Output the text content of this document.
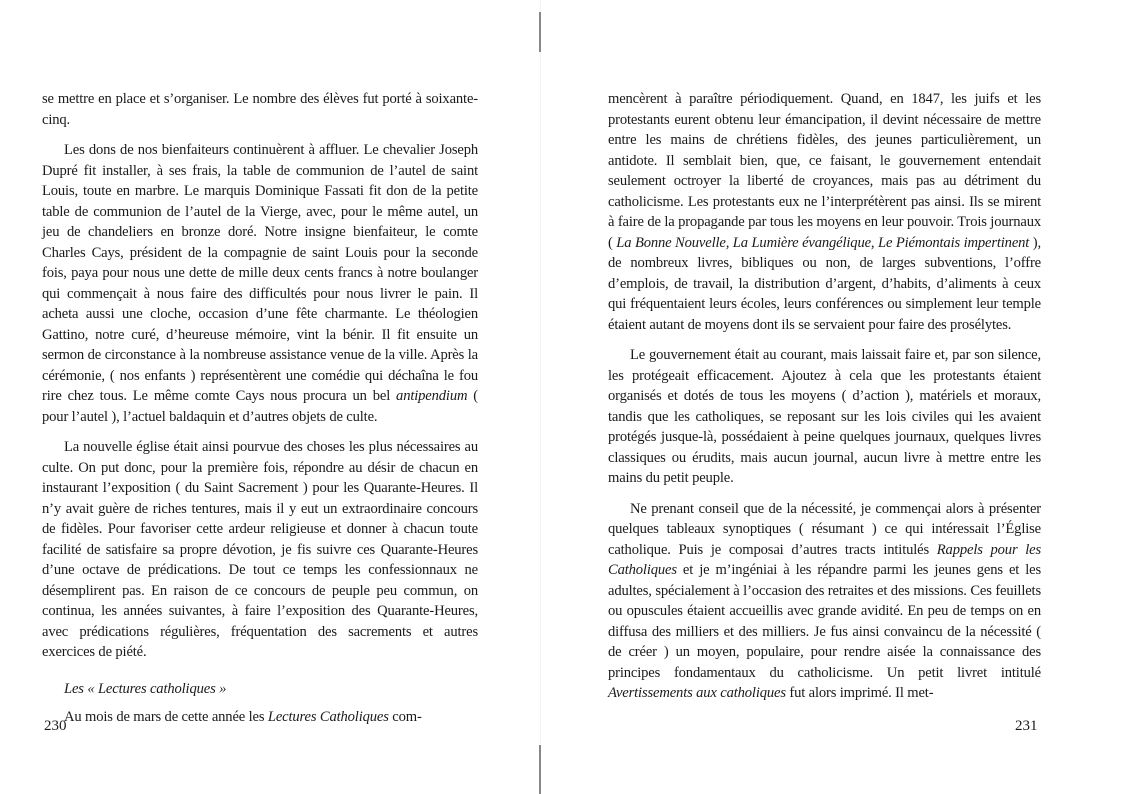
se mettre en place et s’organiser. Le nombre des élèves fut porté à soixante-cinq.

Les dons de nos bienfaiteurs continuèrent à affluer. Le chevalier Joseph Dupré fit installer, à ses frais, la table de communion de l’autel de saint Louis, toute en marbre. Le marquis Dominique Fassati fit don de la petite table de communion de l’autel de la Vierge, avec, pour le même autel, un jeu de chandeliers en bronze doré. Notre insigne bienfaiteur, le comte Charles Cays, président de la compagnie de saint Louis pour la seconde fois, paya pour nous une dette de mille deux cents francs à notre boulanger qui commençait à nous faire des difficultés pour nous livrer le pain. Il acheta aussi une cloche, occasion d’une fête charmante. Le théologien Gattino, notre curé, d’heureuse mémoire, vint la bénir. Il fit ensuite un sermon de circonstance à la nombreuse assistance venue de la ville. Après la cérémonie, ( nos enfants ) représentèrent une comédie qui déchaîna le fou rire chez tous. Le même comte Cays nous procura un bel antipendium ( pour l’autel ), l’actuel baldaquin et d’autres objets de culte.

La nouvelle église était ainsi pourvue des choses les plus nécessaires au culte. On put donc, pour la première fois, répondre au désir de chacun en instaurant l’exposition ( du Saint Sacrement ) pour les Quarante-Heures. Il n’y avait guère de riches tentures, mais il y eut un extraordinaire concours de fidèles. Pour favoriser cette ardeur religieuse et donner à chacun toute facilité de satisfaire sa propre dévotion, je fis suivre ces Quarante-Heures d’une octave de prédications. De tout ce temps les confessionnaux ne désemplirent pas. En raison de ce concours de peuple peu commun, on continua, les années suivantes, à faire l’exposition des Quarante-Heures, avec prédications régulières, fréquentation des sacrements et autres exercices de piété.

Les « Lectures catholiques »

Au mois de mars de cette année les Lectures Catholiques com-

230

mencèrent à paraître périodiquement. Quand, en 1847, les juifs et les protestants eurent obtenu leur émancipation, il devint nécessaire de mettre entre les mains de chrétiens fidèles, des jeunes particulièrement, un antidote. Il semblait bien, que, ce faisant, le gouvernement entendait seulement octroyer la liberté de croyances, mais pas au détriment du catholicisme. Les protestants eux ne l’interprétèrent pas ainsi. Ils se mirent à faire de la propagande par tous les moyens en leur pouvoir. Trois journaux ( La Bonne Nouvelle, La Lumière évangélique, Le Piémontais impertinent ), de nombreux livres, bibliques ou non, de larges subventions, l’offre d’emplois, de travail, la distribution d’argent, d’habits, d’aliments à ceux qui fréquentaient leurs écoles, leurs conférences ou simplement leur temple étaient autant de moyens dont ils se servaient pour faire des prosélytes.

Le gouvernement était au courant, mais laissait faire et, par son silence, les protégeait efficacement. Ajoutez à cela que les protestants étaient organisés et dotés de tous les moyens ( d’action ), matériels et moraux, tandis que les catholiques, se reposant sur les lois civiles qui les avaient protégés jusque-là, possédaient à peine quelques journaux, quelques livres classiques ou érudits, mais aucun journal, aucun livre à mettre entre les mains du petit peuple.

Ne prenant conseil que de la nécessité, je commençai alors à présenter quelques tableaux synoptiques ( résumant ) ce qui intéressait l’Église catholique. Puis je composai d’autres tracts intitulés Rappels pour les Catholiques et je m’ingéniai à les répandre parmi les jeunes gens et les adultes, spécialement à l’occasion des retraites et des missions. Ces feuillets ou opuscules étaient accueillis avec grande avidité. En peu de temps on en diffusa des milliers et des milliers. Je fus ainsi convaincu de la nécessité ( de créer ) un moyen, populaire, pour rendre aisée la connaissance des principes fondamentaux du catholicisme. Un petit livret intitulé Avertissements aux catholiques fut alors imprimé. Il met-

231
